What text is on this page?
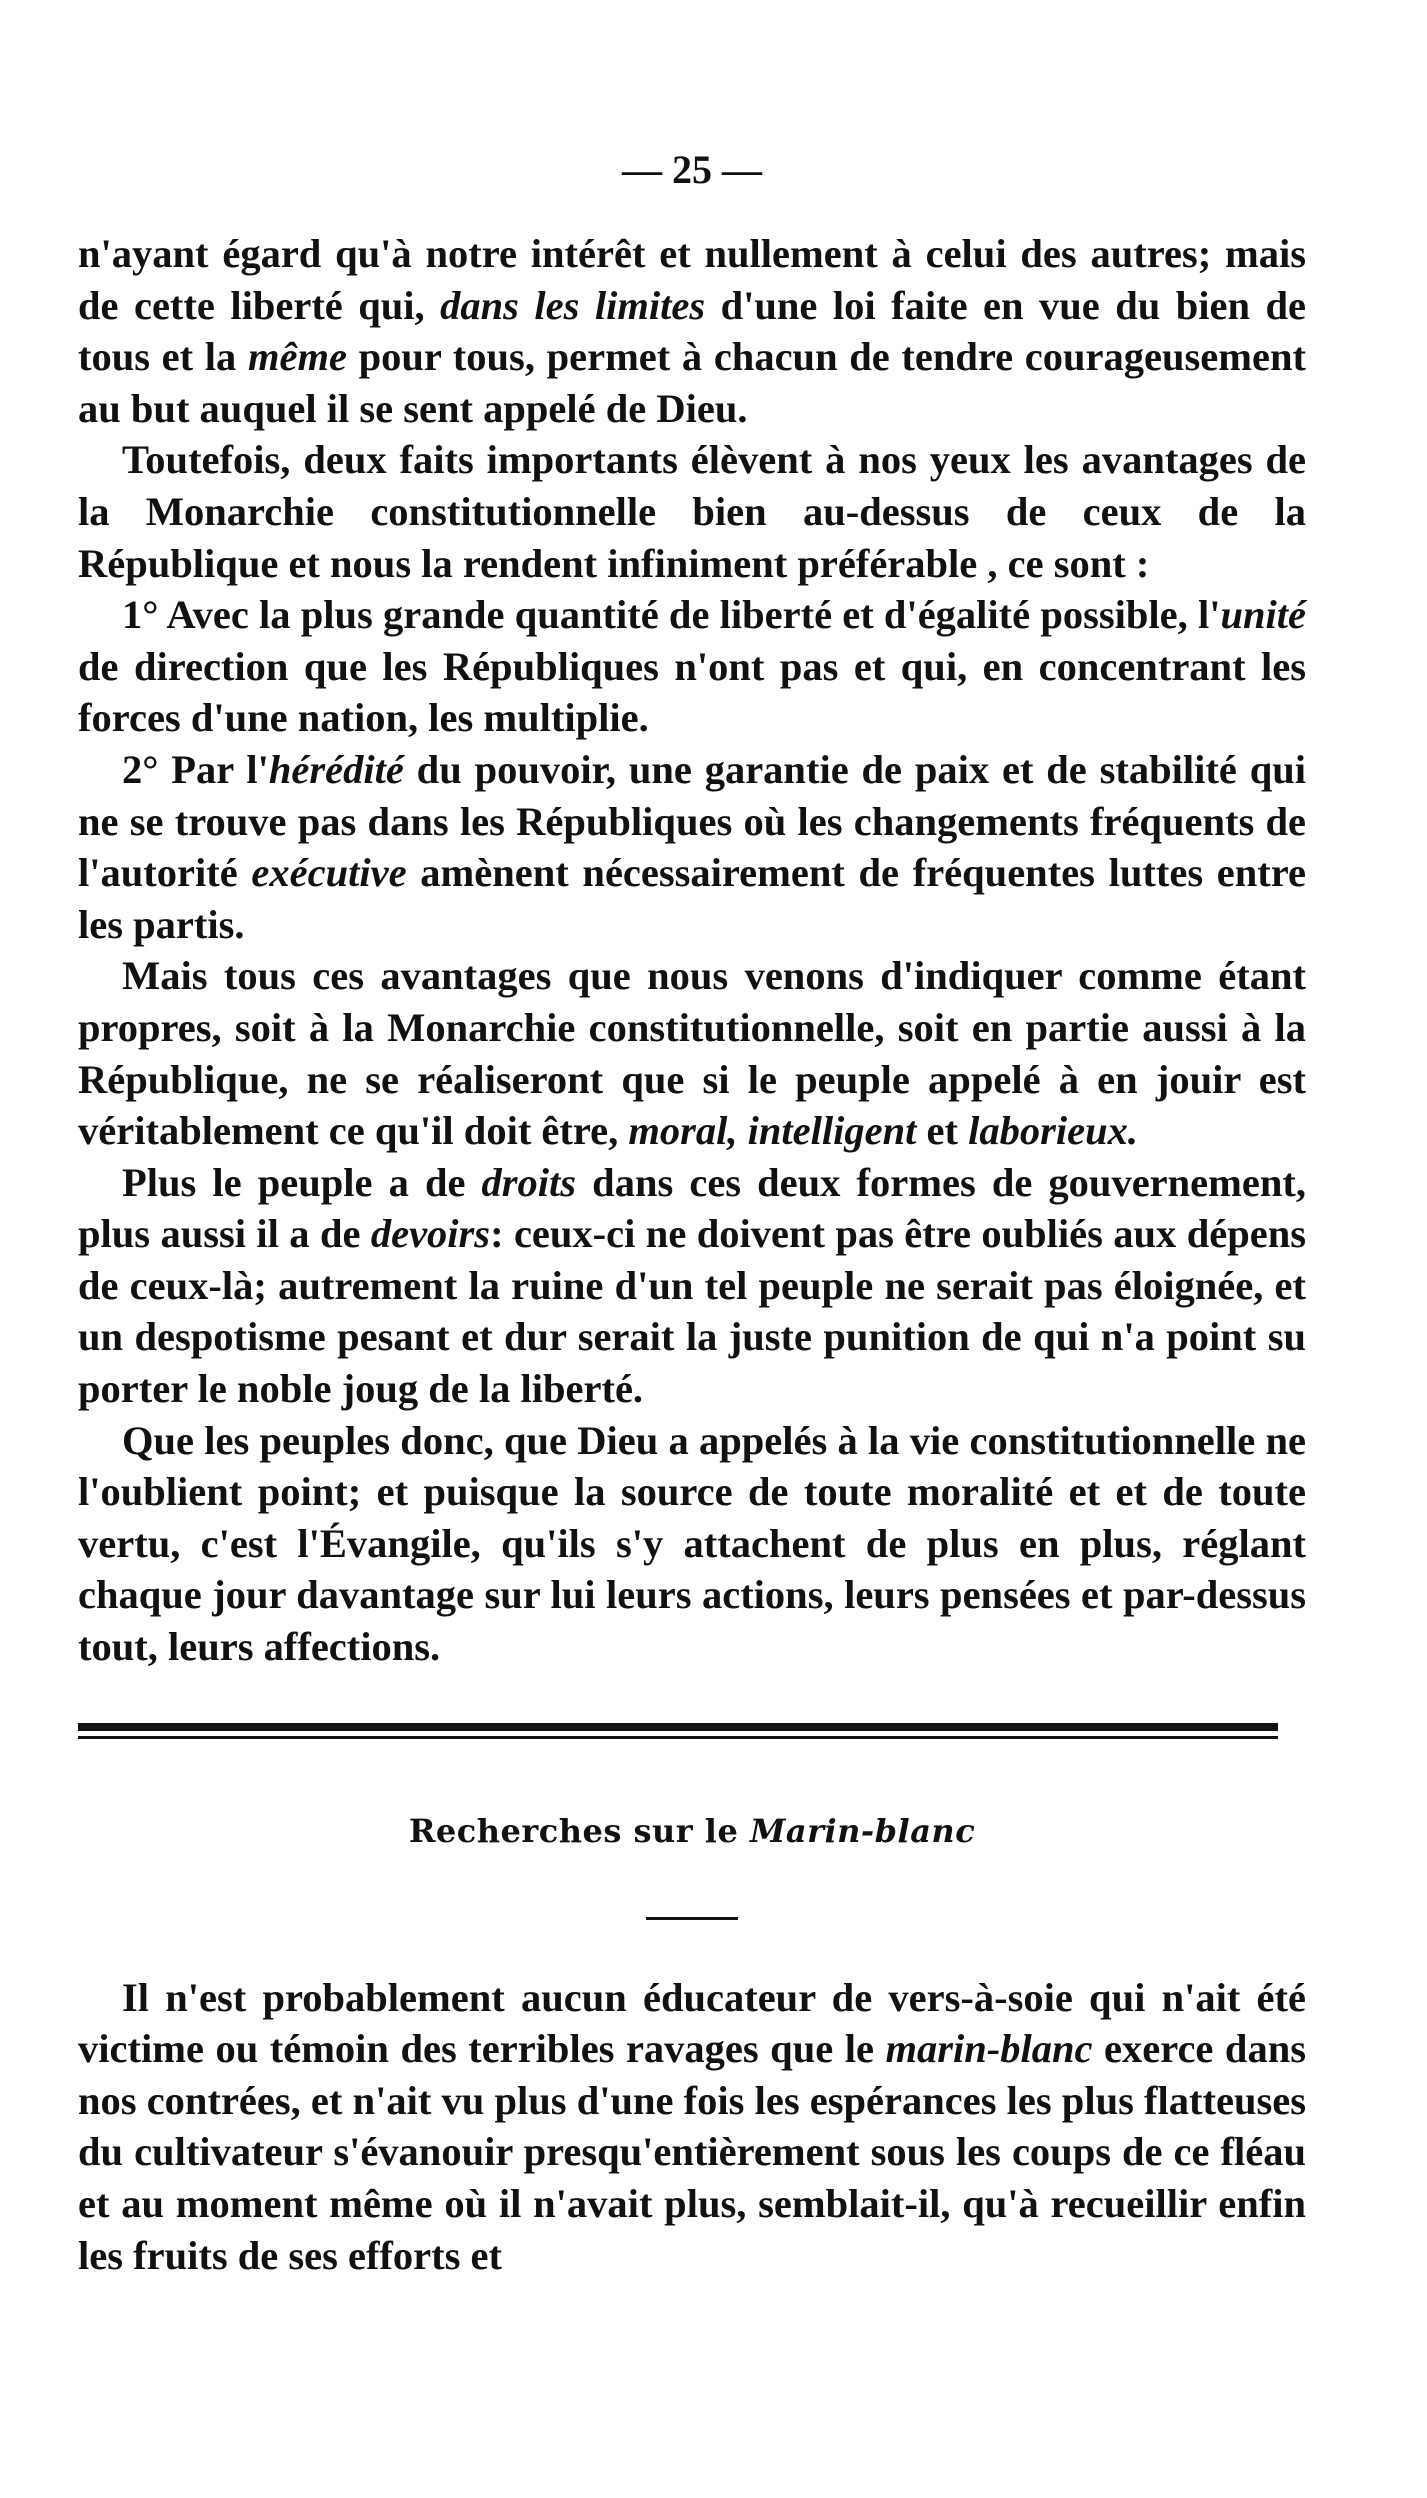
— 25 —

n'ayant égard qu'à notre intérêt et nullement à celui des autres; mais de cette liberté qui, dans les limites d'une loi faite en vue du bien de tous et la même pour tous, permet à chacun de tendre courageusement au but auquel il se sent appelé de Dieu.

Toutefois, deux faits importants élèvent à nos yeux les avantages de la Monarchie constitutionnelle bien au-dessus de ceux de la République et nous la rendent infiniment préférable , ce sont :

1° Avec la plus grande quantité de liberté et d'égalité possible, l'unité de direction que les Républiques n'ont pas et qui, en concentrant les forces d'une nation, les multiplie.

2° Par l'hérédité du pouvoir, une garantie de paix et de stabilité qui ne se trouve pas dans les Républiques où les changements fréquents de l'autorité exécutive amènent nécessairement de fréquentes luttes entre les partis.

Mais tous ces avantages que nous venons d'indiquer comme étant propres, soit à la Monarchie constitutionnelle, soit en partie aussi à la République, ne se réaliseront que si le peuple appelé à en jouir est véritablement ce qu'il doit être, moral, intelligent et laborieux.

Plus le peuple a de droits dans ces deux formes de gouvernement, plus aussi il a de devoirs: ceux-ci ne doivent pas être oubliés aux dépens de ceux-là; autrement la ruine d'un tel peuple ne serait pas éloignée, et un despotisme pesant et dur serait la juste punition de qui n'a point su porter le noble joug de la liberté.

Que les peuples donc, que Dieu a appelés à la vie constitutionnelle ne l'oublient point; et puisque la source de toute moralité et et de toute vertu, c'est l'Évangile, qu'ils s'y attachent de plus en plus, réglant chaque jour davantage sur lui leurs actions, leurs pensées et par-dessus tout, leurs affections.

Recherches sur le Marin-blanc

Il n'est probablement aucun éducateur de vers-à-soie qui n'ait été victime ou témoin des terribles ravages que le marin-blanc exerce dans nos contrées, et n'ait vu plus d'une fois les espérances les plus flatteuses du cultivateur s'évanouir presqu'entièrement sous les coups de ce fléau et au moment même où il n'avait plus, semblait-il, qu'à recueillir enfin les fruits de ses efforts et
